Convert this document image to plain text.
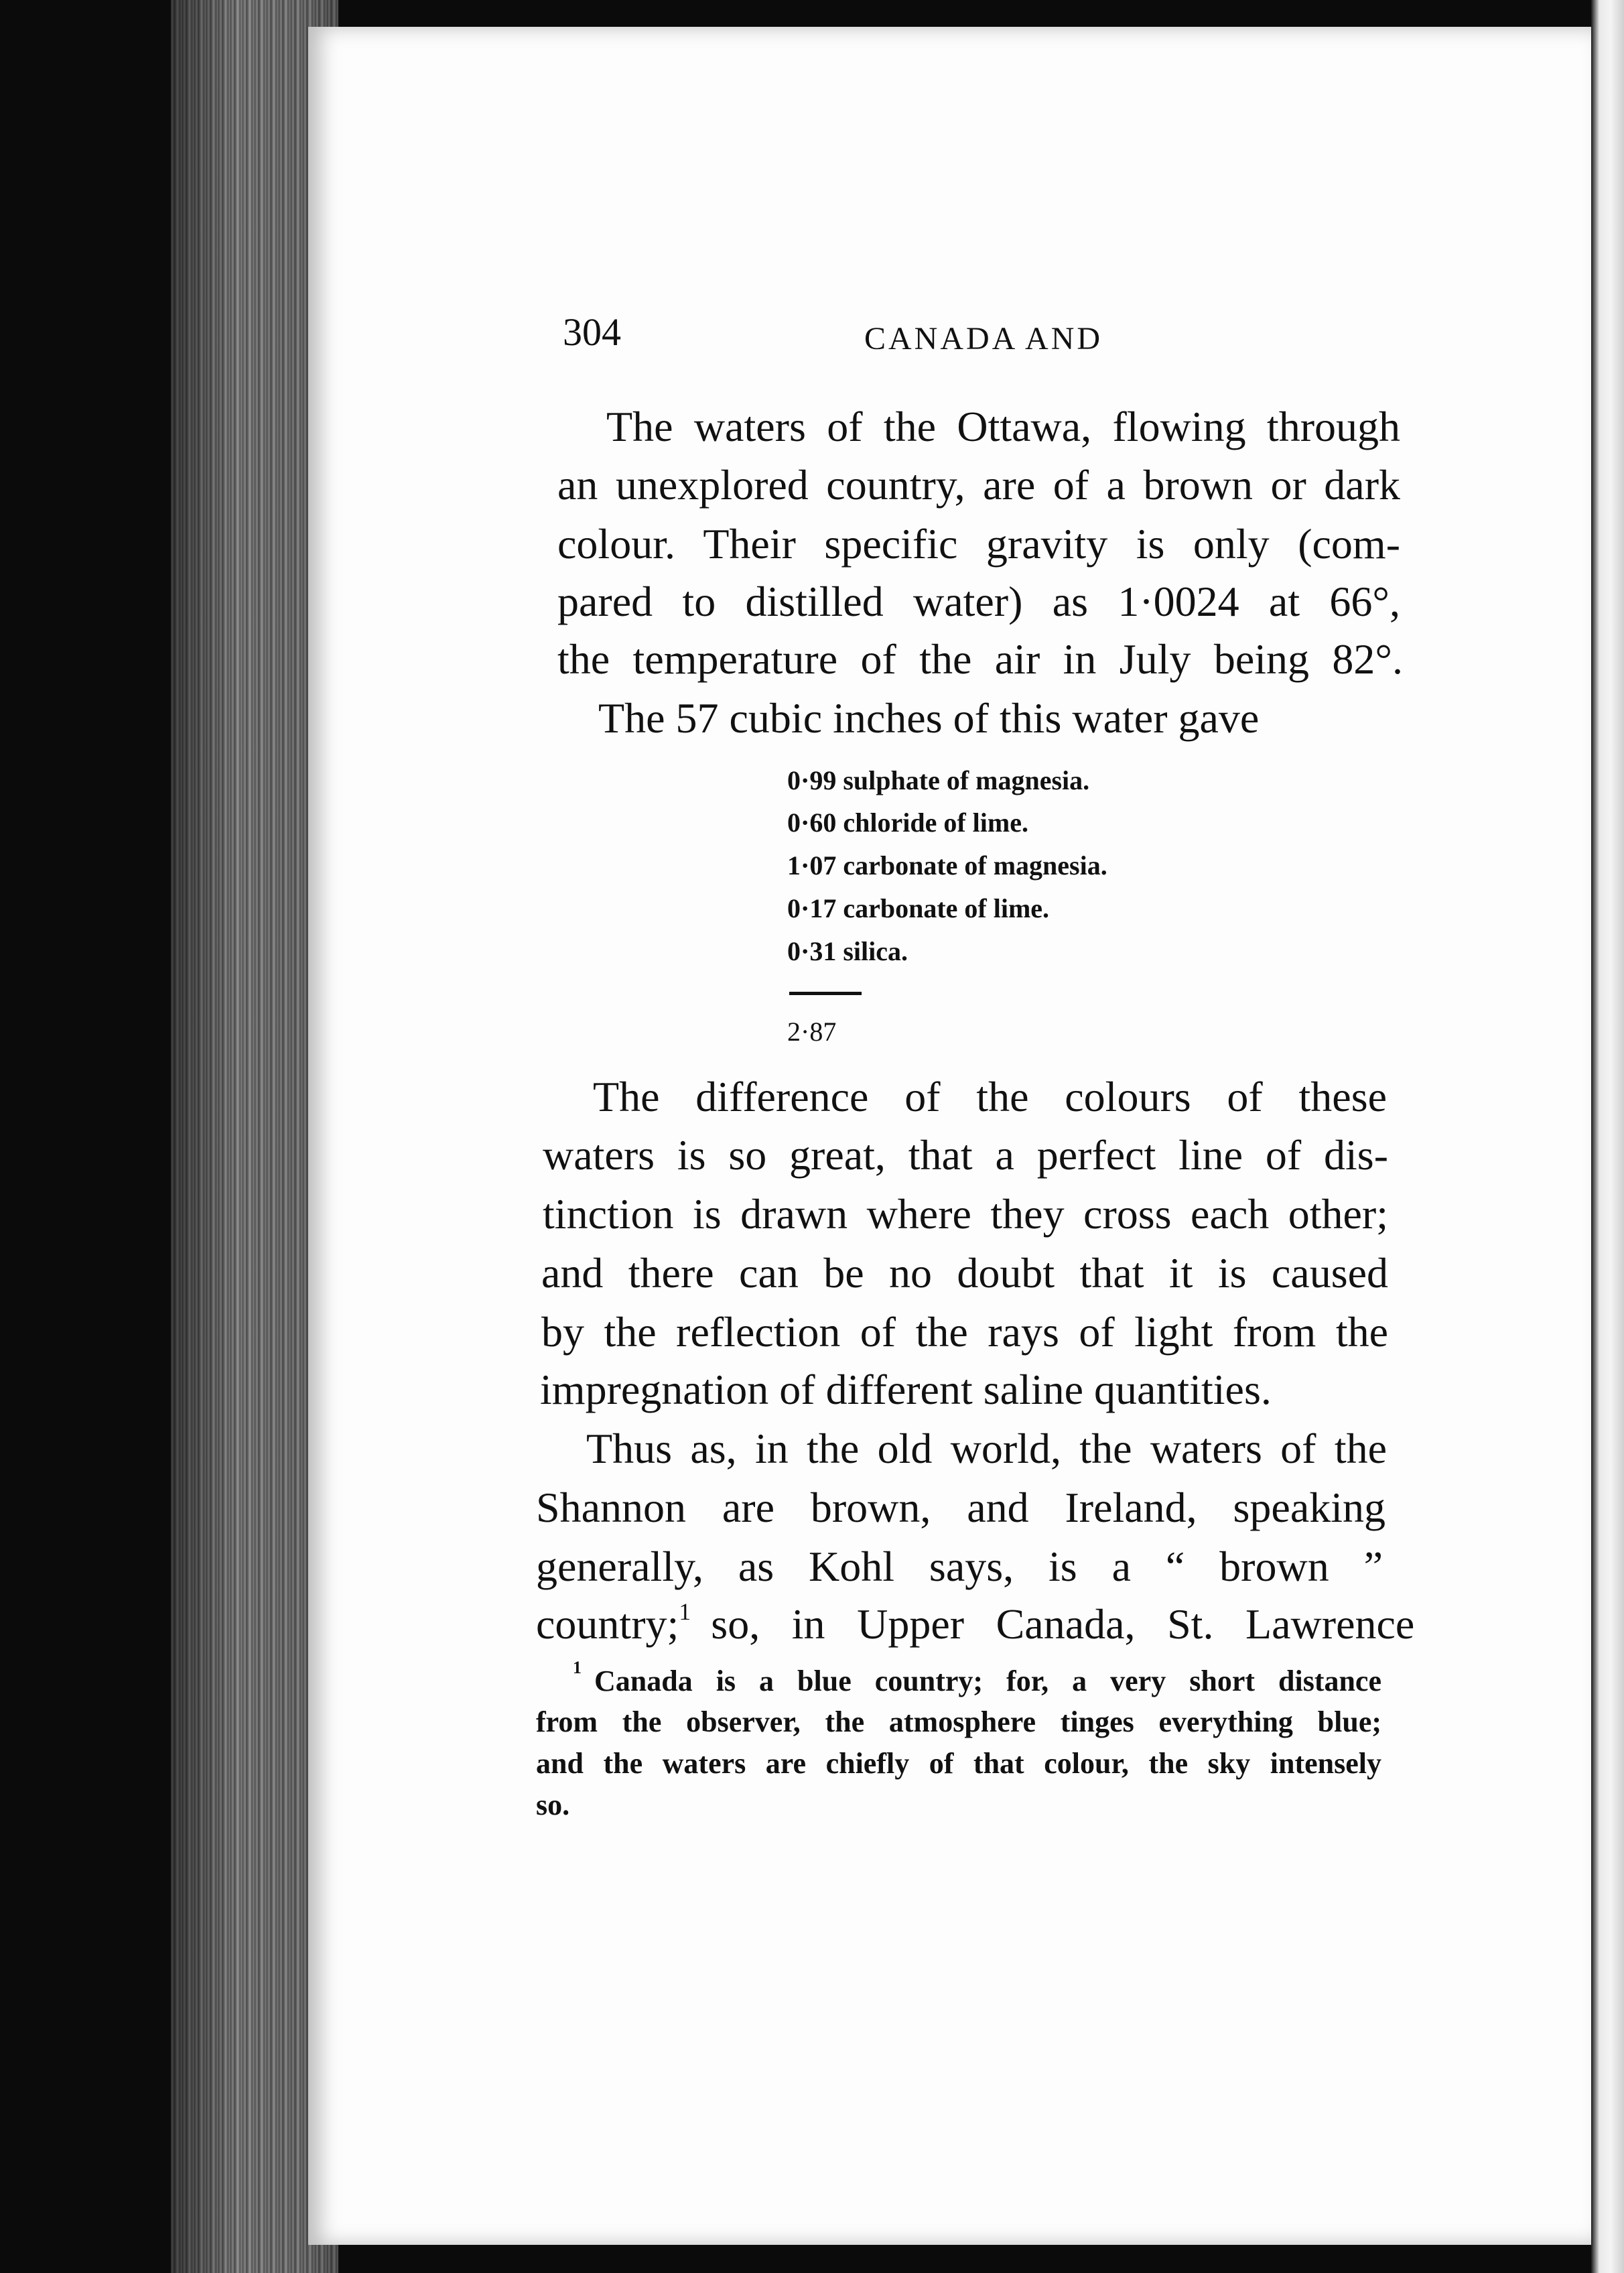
304	CANADA AND
The waters of the Ottawa, flowing through
an unexplored country, are of a brown or dark
colour. Their specific gravity is only (com-
pared to distilled water) as 1·0024 at 66°,
the temperature of the air in July being 82°.
The 57 cubic inches of this water gave
0·99 sulphate of magnesia.
0·60 chloride of lime.
1·07 carbonate of magnesia.
0·17 carbonate of lime.
0·31 silica.
2·87
The difference of the colours of these
waters is so great, that a perfect line of dis-
tinction is drawn where they cross each other;
and there can be no doubt that it is caused
by the reflection of the rays of light from the
impregnation of different saline quantities.
Thus as, in the old world, the waters of the
Shannon are brown, and Ireland, speaking
generally, as Kohl says, is a “ brown ”
country;$^1$ so, in Upper Canada, St. Lawrence
$^1$ Canada is a blue country; for, a very short distance
from the observer, the atmosphere tinges everything blue;
and the waters are chiefly of that colour, the sky intensely
so.
